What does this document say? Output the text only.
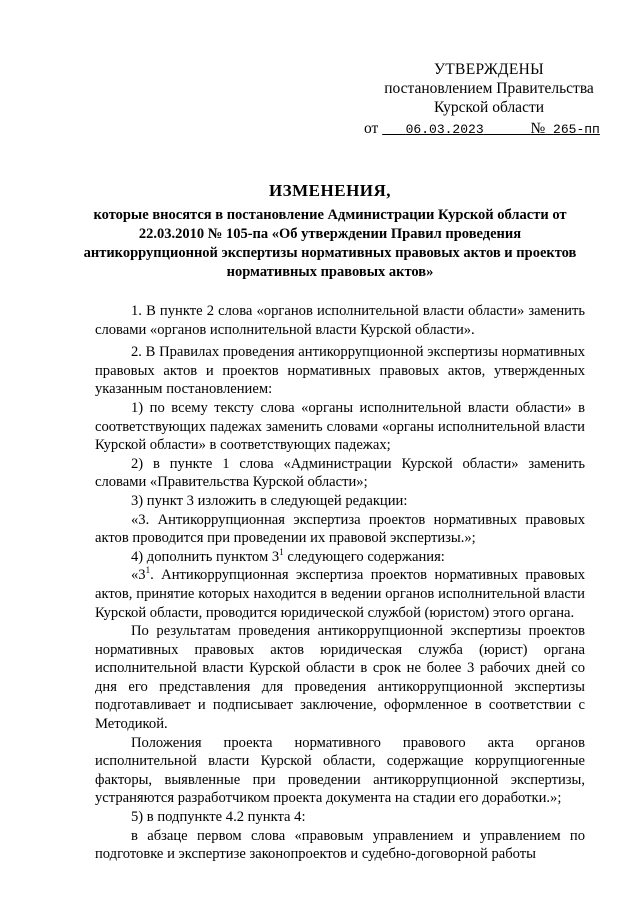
УТВЕРЖДЕНЫ
постановлением Правительства
Курской области
от 06.03.2023	№ 265-пп
ИЗМЕНЕНИЯ,
которые вносятся в постановление Администрации Курской области от 22.03.2010 № 105-па «Об утверждении Правил проведения антикоррупционной экспертизы нормативных правовых актов и проектов нормативных правовых актов»

1. В пункте 2 слова «органов исполнительной власти области» заменить словами «органов исполнительной власти Курской области».

2. В Правилах проведения антикоррупционной экспертизы нормативных правовых актов и проектов нормативных правовых актов, утвержденных указанным постановлением:

1) по всему тексту слова «органы исполнительной власти области» в соответствующих падежах заменить словами «органы исполнительной власти Курской области» в соответствующих падежах;

2) в пункте 1 слова «Администрации Курской области» заменить словами «Правительства Курской области»;

3) пункт 3 изложить в следующей редакции:

«3. Антикоррупционная экспертиза проектов нормативных правовых актов проводится при проведении их правовой экспертизы.»;

4) дополнить пунктом $3^1$ следующего содержания:

«$3^1$. Антикоррупционная экспертиза проектов нормативных правовых актов, принятие которых находится в ведении органов исполнительной власти Курской области, проводится юридической службой (юристом) этого органа.

По результатам проведения антикоррупционной экспертизы проектов нормативных правовых актов юридическая служба (юрист) органа исполнительной власти Курской области в срок не более 3 рабочих дней со дня его представления для проведения антикоррупционной экспертизы подготавливает и подписывает заключение, оформленное в соответствии с Методикой.

Положения проекта нормативного правового акта органов исполнительной власти Курской области, содержащие коррупциогенные факторы, выявленные при проведении антикоррупционной экспертизы, устраняются разработчиком проекта документа на стадии его доработки.»;

5) в подпункте 4.2 пункта 4:

в абзаце первом слова «правовым управлением и управлением по подготовке и экспертизе законопроектов и судебно-договорной работы
